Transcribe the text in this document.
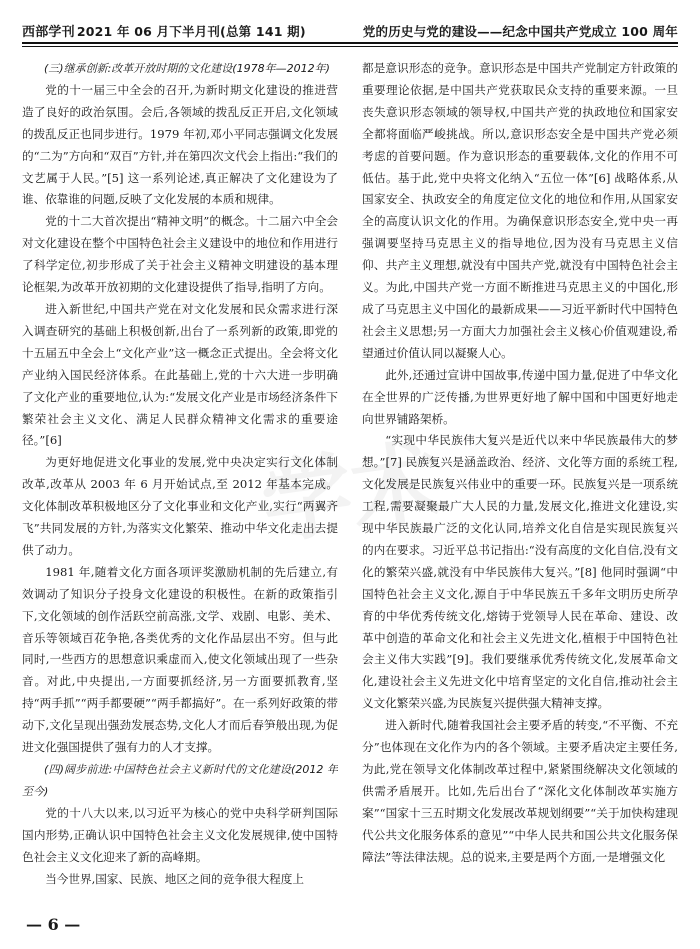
西部学刊 2021 年 06 月下半月刊(总第 141 期)	党的历史与党的建设——纪念中国共产党成立 100 周年
学术

(三)继承创新:改革开放时期的文化建设(1978年—2012年)

党的十一届三中全会的召开,为新时期文化建设的推进营造了良好的政治氛围。会后,各领域的拨乱反正开启,文化领域的拨乱反正也同步进行。1979 年初,邓小平同志强调文化发展的“二为”方向和“双百”方针,并在第四次文代会上指出:“我们的文艺属于人民。”[5] 这一系列论述,真正解决了文化建设为了谁、依靠谁的问题,反映了文化发展的本质和规律。

党的十二大首次提出“精神文明”的概念。十二届六中全会对文化建设在整个中国特色社会主义建设中的地位和作用进行了科学定位,初步形成了关于社会主义精神文明建设的基本理论框架,为改革开放初期的文化建设提供了指导,指明了方向。

进入新世纪,中国共产党在对文化发展和民众需求进行深入调查研究的基础上积极创新,出台了一系列新的政策,即党的十五届五中全会上“文化产业”这一概念正式提出。全会将文化产业纳入国民经济体系。在此基础上,党的十六大进一步明确了文化产业的重要地位,认为:“发展文化产业是市场经济条件下繁荣社会主义文化、满足人民群众精神文化需求的重要途径。”[6]

为更好地促进文化事业的发展,党中央决定实行文化体制改革,改革从 2003 年 6 月开始试点,至 2012 年基本完成。文化体制改革积极地区分了文化事业和文化产业,实行“两翼齐飞”共同发展的方针,为落实文化繁荣、推动中华文化走出去提供了动力。

1981 年,随着文化方面各项评奖激励机制的先后建立,有效调动了知识分子投身文化建设的积极性。在新的政策指引下,文化领域的创作活跃空前高涨,文学、戏剧、电影、美术、音乐等领域百花争艳,各类优秀的文化作品层出不穷。但与此同时,一些西方的思想意识乘虚而入,使文化领域出现了一些杂音。对此,中央提出,一方面要抓经济,另一方面要抓教育,坚持“两手抓”“两手都要硬”“两手都搞好”。在一系列好政策的带动下,文化呈现出强劲发展态势,文化人才而后春笋般出现,为促进文化强国提供了强有力的人才支撑。

(四)阔步前进:中国特色社会主义新时代的文化建设(2012 年至今)

党的十八大以来,以习近平为核心的党中央科学研判国际国内形势,正确认识中国特色社会主义文化发展规律,使中国特色社会主义文化迎来了新的高峰期。

当今世界,国家、民族、地区之间的竞争很大程度上

都是意识形态的竞争。意识形态是中国共产党制定方针政策的重要理论依据,是中国共产党获取民众支持的重要来源。一旦丧失意识形态领域的领导权,中国共产党的执政地位和国家安全都将面临严峻挑战。所以,意识形态安全是中国共产党必须考虑的首要问题。作为意识形态的重要载体,文化的作用不可低估。基于此,党中央将文化纳入“五位一体”[6] 战略体系,从国家安全、执政安全的角度定位文化的地位和作用,从国家安全的高度认识文化的作用。为确保意识形态安全,党中央一再强调要坚持马克思主义的指导地位,因为没有马克思主义信仰、共产主义理想,就没有中国共产党,就没有中国特色社会主义。为此,中国共产党一方面不断推进马克思主义的中国化,形成了马克思主义中国化的最新成果——习近平新时代中国特色社会主义思想;另一方面大力加强社会主义核心价值观建设,希望通过价值认同以凝聚人心。

此外,还通过宣讲中国故事,传递中国力量,促进了中华文化在全世界的广泛传播,为世界更好地了解中国和中国更好地走向世界铺路架桥。

“实现中华民族伟大复兴是近代以来中华民族最伟大的梦想。”[7] 民族复兴是涵盖政治、经济、文化等方面的系统工程,文化发展是民族复兴伟业中的重要一环。民族复兴是一项系统工程,需要凝聚最广大人民的力量,发展文化,推进文化建设,实现中华民族最广泛的文化认同,培养文化自信是实现民族复兴的内在要求。习近平总书记指出:“没有高度的文化自信,没有文化的繁荣兴盛,就没有中华民族伟大复兴。”[8] 他同时强调“中国特色社会主义文化,源自于中华民族五千多年文明历史所孕育的中华优秀传统文化,熔铸于党领导人民在革命、建设、改革中创造的革命文化和社会主义先进文化,植根于中国特色社会主义伟大实践”[9]。我们要继承优秀传统文化,发展革命文化,建设社会主义先进文化中培育坚定的文化自信,推动社会主义文化繁荣兴盛,为民族复兴提供强大精神支撑。

进入新时代,随着我国社会主要矛盾的转变,“不平衡、不充分”也体现在文化作为内的各个领域。主要矛盾决定主要任务,为此,党在领导文化体制改革过程中,紧紧围绕解决文化领域的供需矛盾展开。比如,先后出台了“深化文化体制改革实施方案”“国家十三五时期文化发展改革规划纲要”“关于加快构建现代公共文化服务体系的意见”“中华人民共和国公共文化服务保障法”等法律法规。总的说来,主要是两个方面,一是增强文化

— 6 —
